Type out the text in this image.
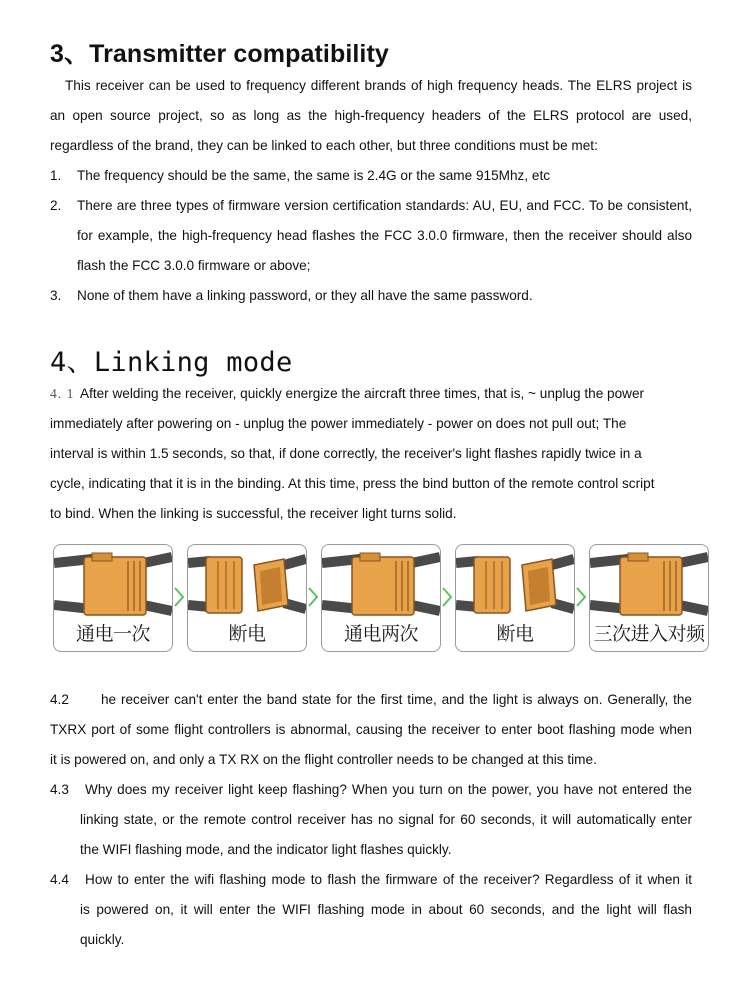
3、Transmitter compatibility
This receiver can be used to frequency different brands of high frequency heads. The ELRS project is
an open source project, so as long as the high-frequency headers of the ELRS protocol are used,
regardless of the brand, they can be linked to each other, but three conditions must be met:
1. The frequency should be the same, the same is 2.4G or the same 915Mhz, etc
2. There are three types of firmware version certification standards: AU, EU, and FCC. To be consistent,
for example, the high-frequency head flashes the FCC 3.0.0 firmware, then the receiver should also
flash the FCC 3.0.0 firmware or above;
3. None of them have a linking password, or they all have the same password.
4、Linking mode
4. 1 After welding the receiver, quickly energize the aircraft three times, that is, ~ unplug the power
immediately after powering on - unplug the power immediately - power on does not pull out; The
interval is within 1.5 seconds, so that, if done correctly, the receiver's light flashes rapidly twice in a
cycle, indicating that it is in the binding. At this time, press the bind button of the remote control script
to bind. When the linking is successful, the receiver light turns solid.
通电一次	断电	通电两次	断电	三次进入对频
4.2 he receiver can't enter the band state for the first time, and the light is always on. Generally, the
TXRX port of some flight controllers is abnormal, causing the receiver to enter boot flashing mode when
it is powered on, and only a TX RX on the flight controller needs to be changed at this time.
4.3 Why does my receiver light keep flashing? When you turn on the power, you have not entered the
linking state, or the remote control receiver has no signal for 60 seconds, it will automatically enter
the WIFI flashing mode, and the indicator light flashes quickly.
4.4 How to enter the wifi flashing mode to flash the firmware of the receiver? Regardless of it when it
is powered on, it will enter the WIFI flashing mode in about 60 seconds, and the light will flash
quickly.
